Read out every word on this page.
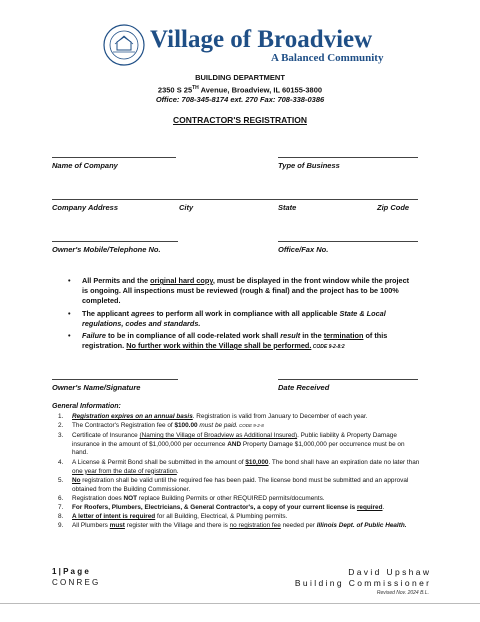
Village of Broadview
A Balanced Community
BUILDING DEPARTMENT
2350 S 25TH Avenue, Broadview, IL 60155-3800
Office: 708-345-8174 ext. 270 Fax: 708-338-0386
CONTRACTOR'S REGISTRATION
Name of Company	Type of Business
Company Address	City	State	Zip Code
Owner's Mobile/Telephone No.	Office/Fax No.
• All Permits and the original hard copy, must be displayed in the front window while the project is ongoing. All inspections must be reviewed (rough & final) and the project has to be 100% completed.
• The applicant agrees to perform all work in compliance with all applicable State & Local regulations, codes and standards.
• Failure to be in compliance of all code-related work shall result in the termination of this registration. No further work within the Village shall be performed. CODE 9-2-8:2
Owner's Name/Signature	Date Received
General Information:
1. Registration expires on an annual basis. Registration is valid from January to December of each year.
2. The Contractor's Registration fee of $100.00 must be paid. CODE 9-2-8
3. Certificate of Insurance (Naming the Village of Broadview as Additional Insured). Public liability & Property Damage insurance in the amount of $1,000,000 per occurrence AND Property Damage $1,000,000 per occurrence must be on hand.
4. A License & Permit Bond shall be submitted in the amount of $10,000. The bond shall have an expiration date no later than one year from the date of registration.
5. No registration shall be valid until the required fee has been paid. The license bond must be submitted and an approval obtained from the Building Commissioner.
6. Registration does NOT replace Building Permits or other REQUIRED permits/documents.
7. For Roofers, Plumbers, Electricians, & General Contractor's, a copy of your current license is required.
8. A letter of intent is required for all Building, Electrical, & Plumbing permits.
9. All Plumbers must register with the Village and there is no registration fee needed per Illinois Dept. of Public Health.
1 | P a g e
C O N R E G
D a v i d   U p s h a w
B u i l d i n g   C o m m i s s i o n e r
Revised Nov. 2024 B.L.
